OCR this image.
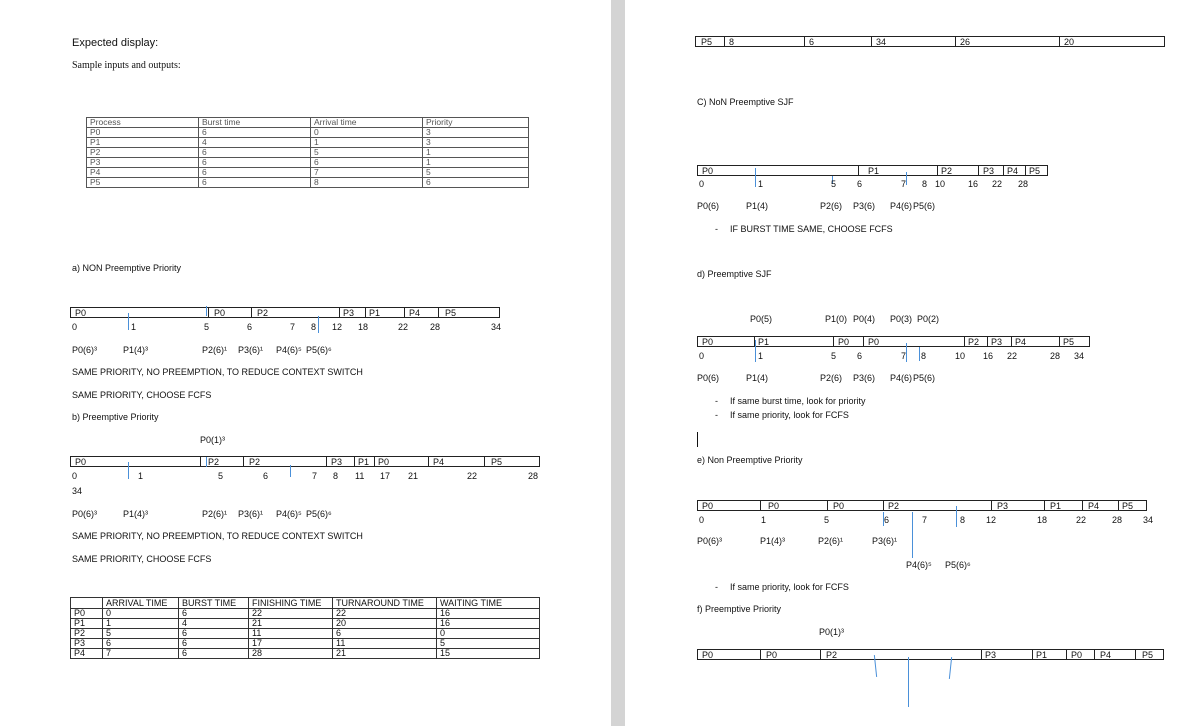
Expected display:
Sample inputs and outputs:
Process	Burst time	Arrival time	Priority
P0	6	0	3
P1	4	1	3
P2	6	5	1
P3	6	6	1
P4	6	7	5
P5	6	8	6
a) NON Preemptive Priority
P0	P0	P2	P3 P1	P4	P5
0	1	5	6	7 8 12 18	22 28	34
P0(6)³	P1(4)³	P2(6)¹ P3(6)¹ P4(6)⁵ P5(6)⁶
SAME PRIORITY, NO PREEMPTION, TO REDUCE CONTEXT SWITCH
SAME PRIORITY, CHOOSE FCFS
b) Preemptive Priority
P0(1)³
P0	P2	P2	P3 P1 P0	P4	P5
0	1	5	6	7 8 11 17 21	22	28
34
P0(6)³	P1(4)³	P2(6)¹ P3(6)¹ P4(6)⁵ P5(6)⁶
SAME PRIORITY, NO PREEMPTION, TO REDUCE CONTEXT SWITCH
SAME PRIORITY, CHOOSE FCFS
	ARRIVAL TIME	BURST TIME	FINISHING TIME	TURNAROUND TIME	WAITING TIME
P0	0	6	22	22	16
P1	1	4	21	20	16
P2	5	6	11	6	0
P3	6	6	17	11	5
P4	7	6	28	21	15
P5 8	6	34	26	20
C) NoN Preemptive SJF
P0	P1	P2	P3 P4 P5
0	1	5 6	7 8 10	16 22 28
P0(6)	P1(4)	P2(6) P3(6) P4(6) P5(6)
- IF BURST TIME SAME, CHOOSE FCFS
d) Preemptive SJF
P0(5)	P1(0) P0(4) P0(3) P0(2)
P0	P1	P0 P0	P2 P3 P4	P5
0	1	5 6	7 8	10 16 22	28 34
P0(6)	P1(4)	P2(6) P3(6) P4(6) P5(6)
- If same burst time, look for priority
- If same priority, look for FCFS
e) Non Preemptive Priority
P0	P0	P0	P2	P3	P1	P4	P5
0	1	5	6	7	8 12	18	22	28 34
P0(6)³	P1(4)³	P2(6)¹	P3(6)¹
P4(6)⁵ P5(6)⁶
- If same priority, look for FCFS
f) Preemptive Priority
P0(1)³
P0	P0	P2	P3	P1	P0 P4	P5
